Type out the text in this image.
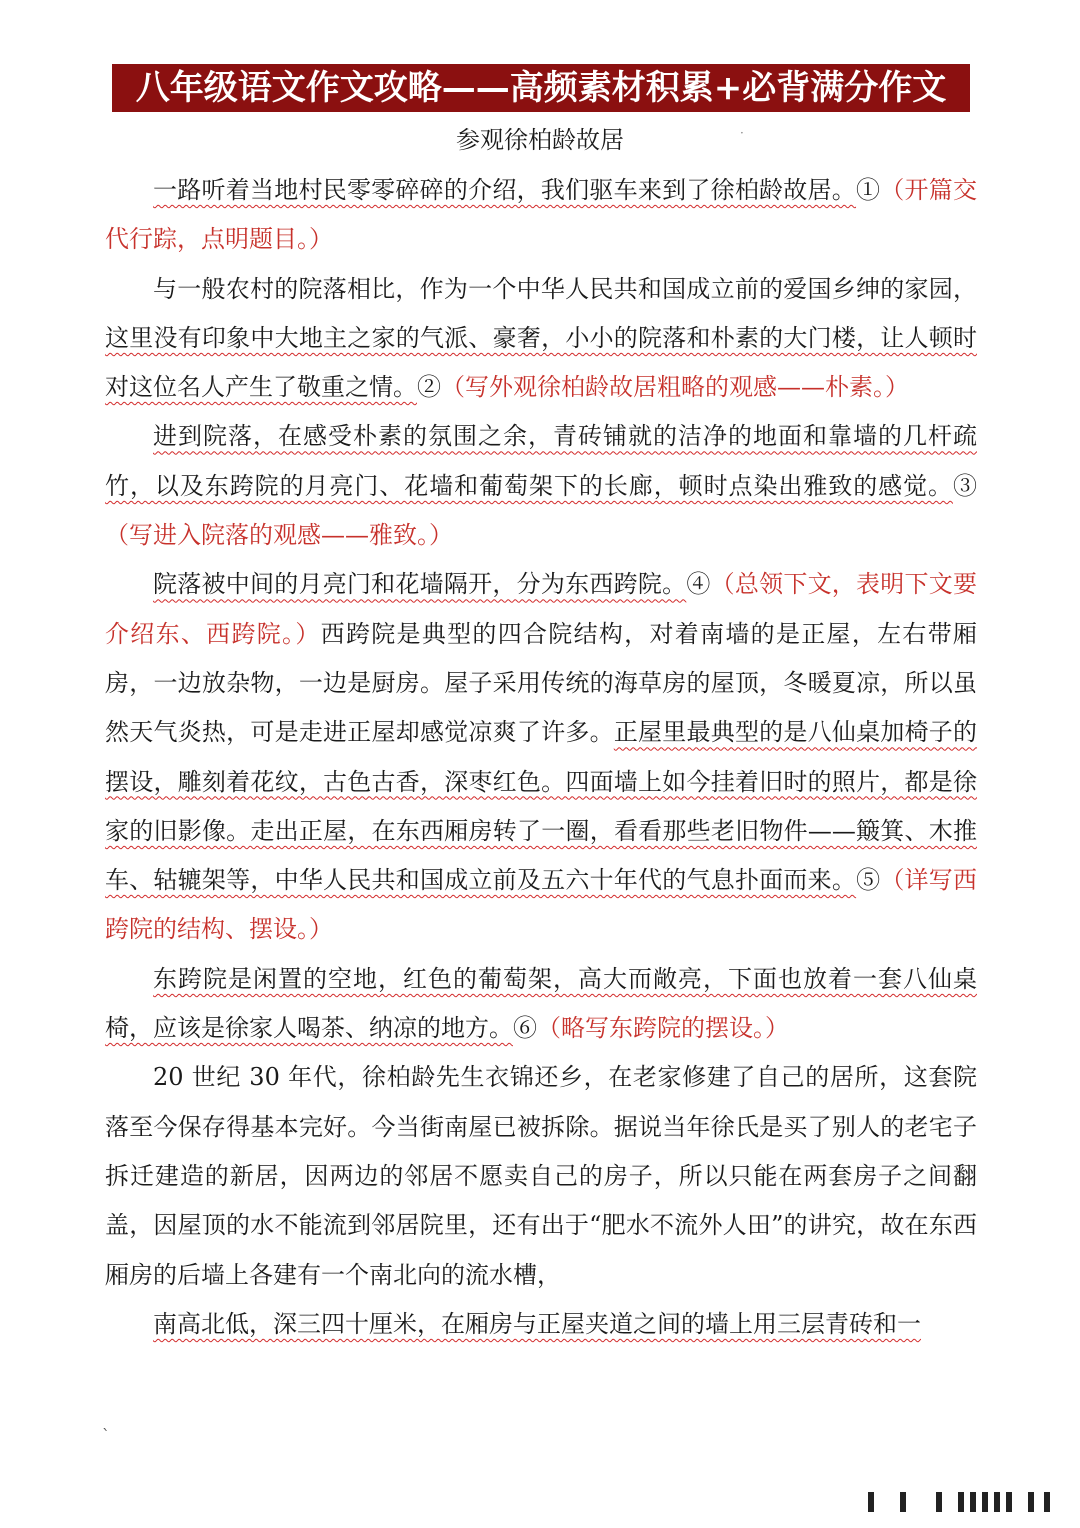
八年级语文作文攻略——高频素材积累+必背满分作文
·
参观徐柏龄故居

一路听着当地村民零零碎碎的介绍，我们驱车来到了徐柏龄故居。①（开篇交代行踪，点明题目。）

与一般农村的院落相比，作为一个中华人民共和国成立前的爱国乡绅的家园，这里没有印象中大地主之家的气派、豪奢，小小的院落和朴素的大门楼，让人顿时对这位名人产生了敬重之情。②（写外观徐柏龄故居粗略的观感——朴素。）

进到院落，在感受朴素的氛围之余，青砖铺就的洁净的地面和靠墙的几杆疏竹，以及东跨院的月亮门、花墙和葡萄架下的长廊，顿时点染出雅致的感觉。③（写进入院落的观感——雅致。）

院落被中间的月亮门和花墙隔开，分为东西跨院。④（总领下文，表明下文要介绍东、西跨院。）西跨院是典型的四合院结构，对着南墙的是正屋，左右带厢房，一边放杂物，一边是厨房。屋子采用传统的海草房的屋顶，冬暖夏凉，所以虽然天气炎热，可是走进正屋却感觉凉爽了许多。正屋里最典型的是八仙桌加椅子的摆设，雕刻着花纹，古色古香，深枣红色。四面墙上如今挂着旧时的照片，都是徐家的旧影像。走出正屋，在东西厢房转了一圈，看看那些老旧物件——簸箕、木推车、轱辘架等，中华人民共和国成立前及五六十年代的气息扑面而来。⑤（详写西跨院的结构、摆设。）

东跨院是闲置的空地，红色的葡萄架，高大而敞亮，下面也放着一套八仙桌椅，应该是徐家人喝茶、纳凉的地方。⑥（略写东跨院的摆设。）

20 世纪 30 年代，徐柏龄先生衣锦还乡，在老家修建了自己的居所，这套院落至今保存得基本完好。今当街南屋已被拆除。据说当年徐氏是买了别人的老宅子拆迁建造的新居，因两边的邻居不愿卖自己的房子，所以只能在两套房子之间翻盖，因屋顶的水不能流到邻居院里，还有出于“肥水不流外人田”的讲究，故在东西厢房的后墙上各建有一个南北向的流水槽，

南高北低，深三四十厘米，在厢房与正屋夹道之间的墙上用三层青砖和一

`
